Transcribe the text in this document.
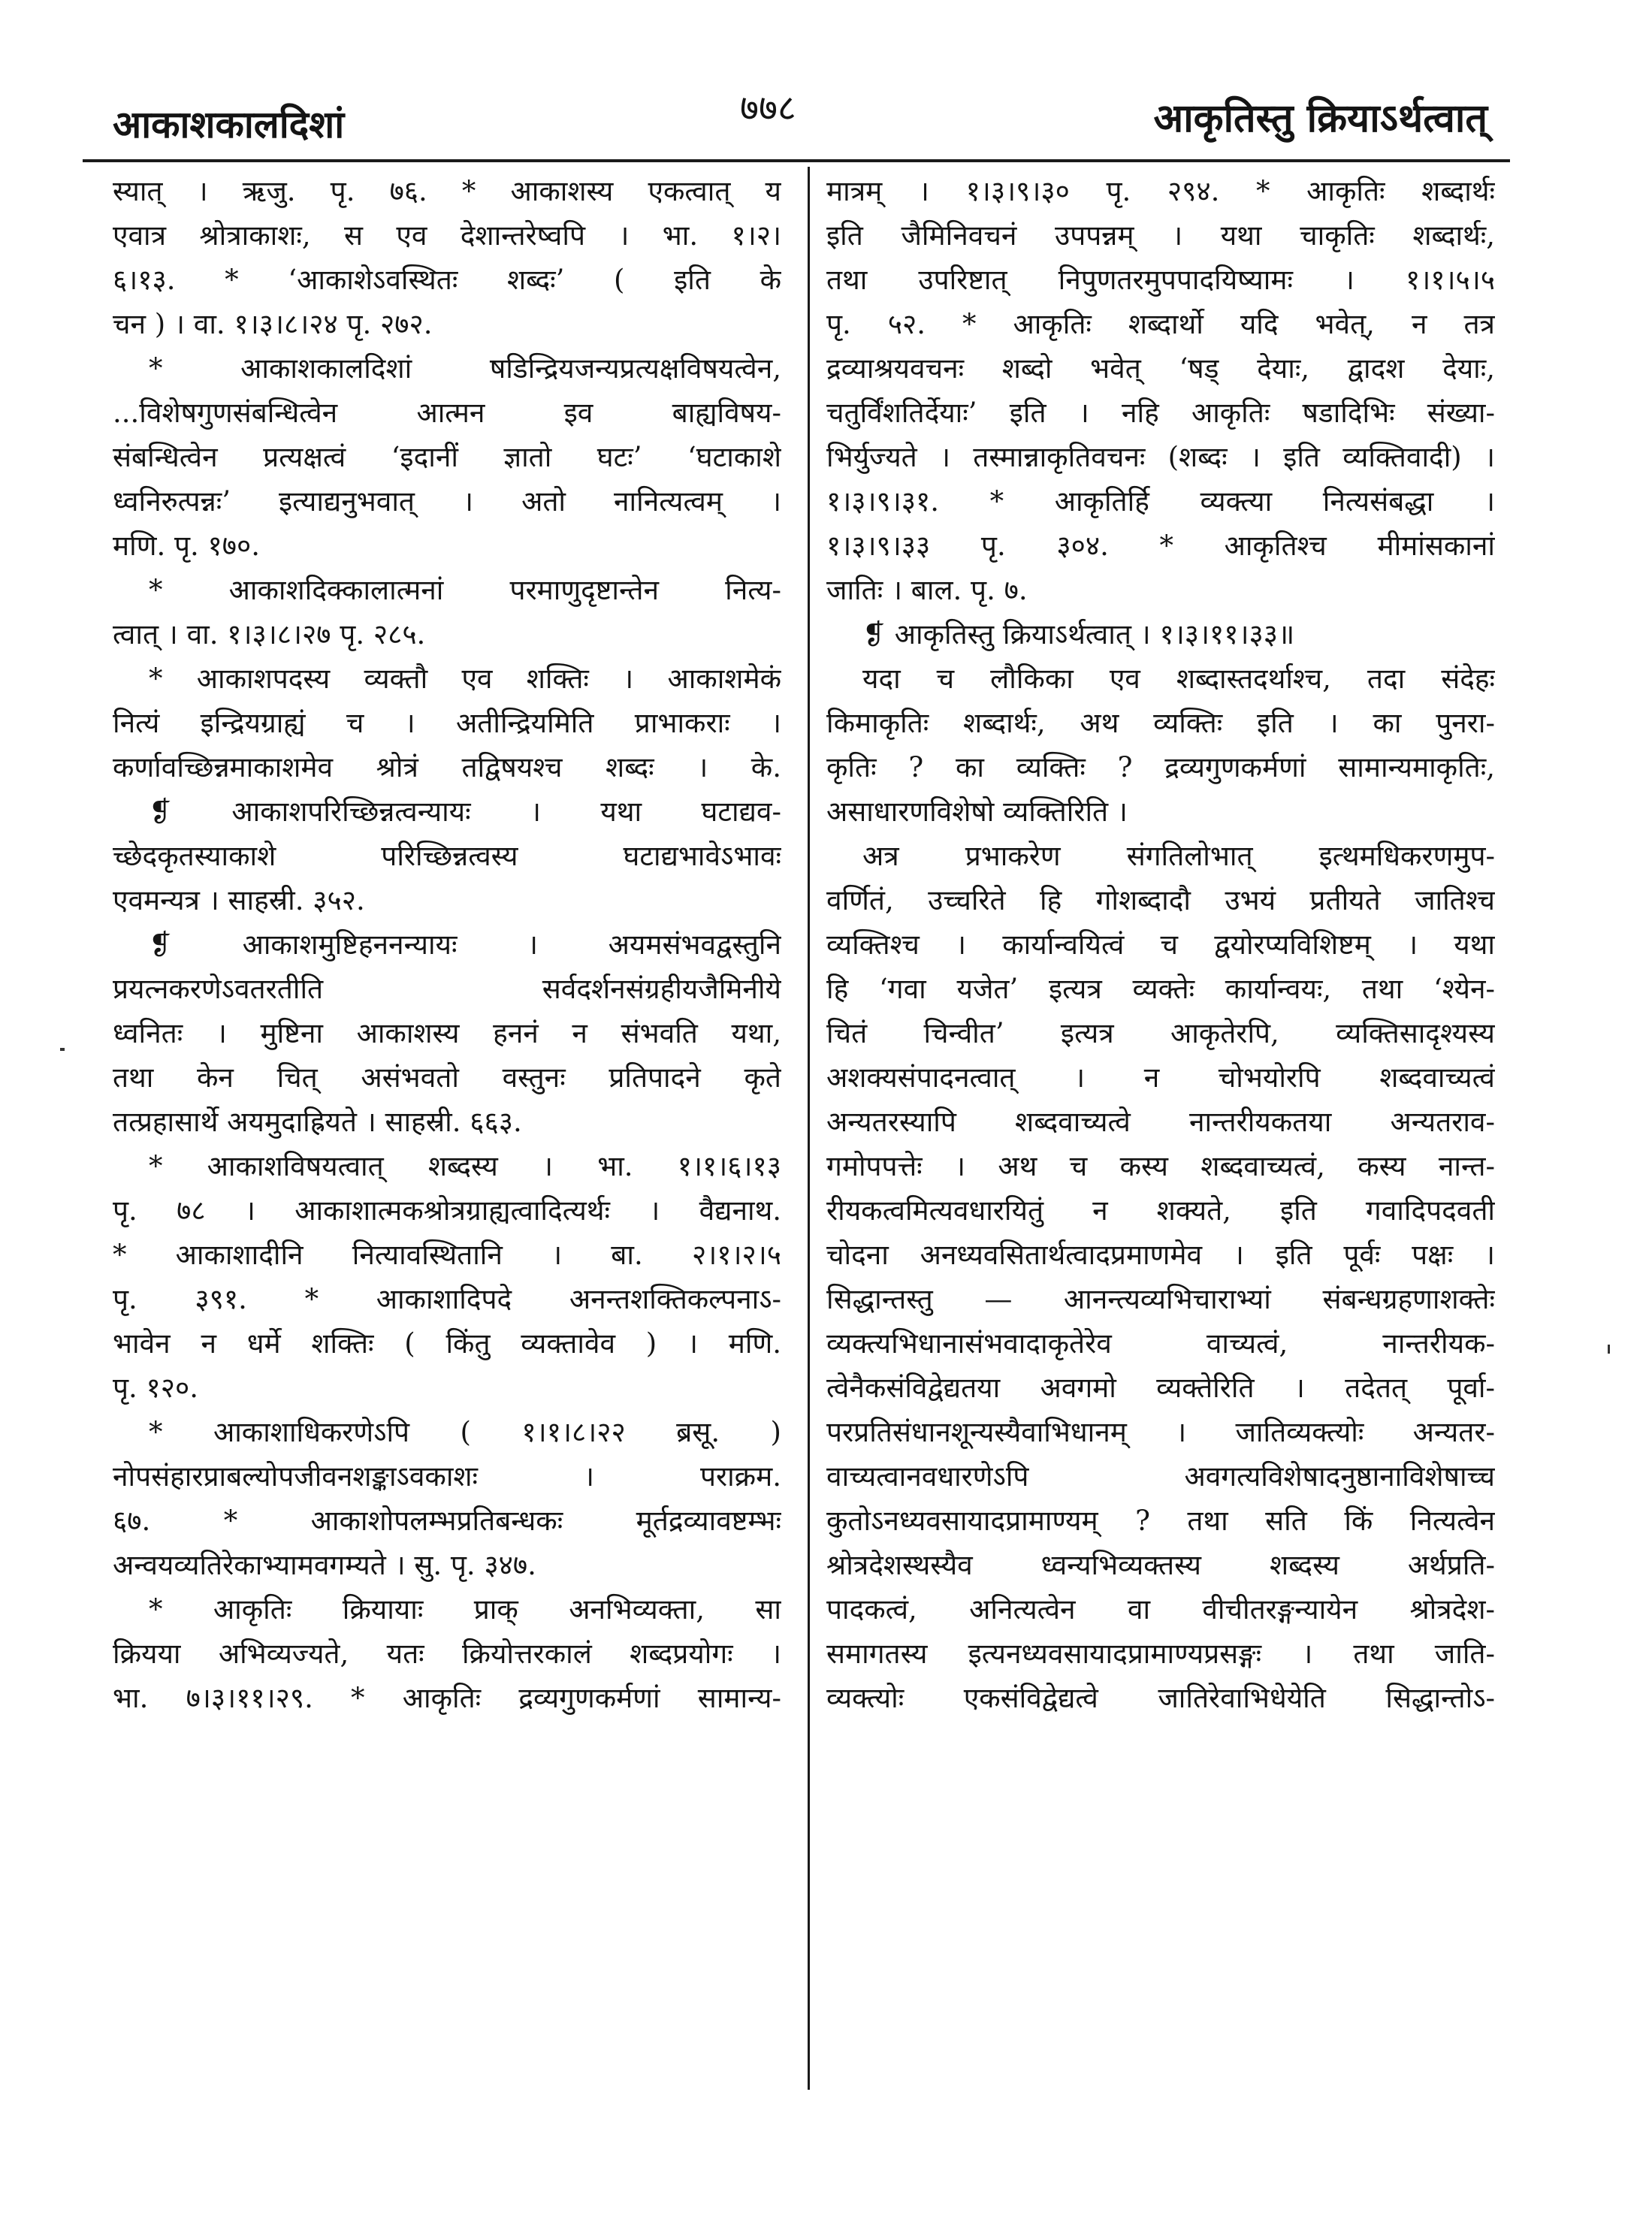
आकाशकालदिशां	७७८	आकृतिस्तु क्रियाऽर्थत्वात्
स्यात् । ऋजु. पृ. ७६. * आकाशस्य एकत्वात् य
एवात्र श्रोत्राकाशः, स एव देशान्तरेष्वपि । भा. १।२।
६।१३. * ‘आकाशेऽवस्थितः शब्दः’ ( इति के
चन ) । वा. १।३।८।२४ पृ. २७२.
* आकाशकालदिशां षडिन्द्रियजन्यप्रत्यक्षविषयत्वेन,
...विशेषगुणसंबन्धित्वेन आत्मन इव बाह्यविषय-
संबन्धित्वेन प्रत्यक्षत्वं ‘इदानीं ज्ञातो घटः’ ‘घटाकाशे
ध्वनिरुत्पन्नः’ इत्याद्यनुभवात् । अतो नानित्यत्वम् ।
मणि. पृ. १७०.
* आकाशदिक्कालात्मनां परमाणुदृष्टान्तेन नित्य-
त्वात् । वा. १।३।८।२७ पृ. २८५.
* आकाशपदस्य व्यक्तौ एव शक्तिः । आकाशमेकं
नित्यं इन्द्रियग्राह्यं च । अतीन्द्रियमिति प्राभाकराः ।
कर्णावच्छिन्नमाकाशमेव श्रोत्रं तद्विषयश्च शब्दः । के.
❡ आकाशपरिच्छिन्नत्वन्यायः । यथा घटाद्यव-
च्छेदकृतस्याकाशे परिच्छिन्नत्वस्य घटाद्यभावेऽभावः
एवमन्यत्र । साहस्री. ३५२.
❡ आकाशमुष्टिहननन्यायः । अयमसंभवद्वस्तुनि
प्रयत्नकरणेऽवतरतीति सर्वदर्शनसंग्रहीयजैमिनीये
ध्वनितः । मुष्टिना आकाशस्य हननं न संभवति यथा,
तथा केन चित् असंभवतो वस्तुनः प्रतिपादने कृते
तत्प्रहासार्थे अयमुदाह्रियते । साहस्री. ६६३.
* आकाशविषयत्वात् शब्दस्य । भा. १।१।६।१३
पृ. ७८ । आकाशात्मकश्रोत्रग्राह्यत्वादित्यर्थः । वैद्यनाथ.
* आकाशादीनि नित्यावस्थितानि । बा. २।१।२।५
पृ. ३९१. * आकाशादिपदे अनन्तशक्तिकल्पनाऽ-
भावेन न धर्मे शक्तिः ( किंतु व्यक्तावेव ) । मणि.
पृ. १२०.
* आकाशाधिकरणेऽपि ( १।१।८।२२ ब्रसू. )
नोपसंहारप्राबल्योपजीवनशङ्काऽवकाशः । पराक्रम.
६७. * आकाशोपलम्भप्रतिबन्धकः मूर्तद्रव्यावष्टम्भः
अन्वयव्यतिरेकाभ्यामवगम्यते । सु. पृ. ३४७.
* आकृतिः क्रियायाः प्राक् अनभिव्यक्ता, सा
क्रियया अभिव्यज्यते, यतः क्रियोत्तरकालं शब्दप्रयोगः ।
भा. ७।३।११।२९. * आकृतिः द्रव्यगुणकर्मणां सामान्य-
मात्रम् । १।३।९।३० पृ. २९४. * आकृतिः शब्दार्थः
इति जैमिनिवचनं उपपन्नम् । यथा चाकृतिः शब्दार्थः,
तथा उपरिष्टात् निपुणतरमुपपादयिष्यामः । १।१।५।५
पृ. ५२. * आकृतिः शब्दार्थो यदि भवेत्, न तत्र
द्रव्याश्रयवचनः शब्दो भवेत् ‘षड् देयाः, द्वादश देयाः,
चतुर्विंशतिर्देयाः’ इति । नहि आकृतिः षडादिभिः संख्या-
भिर्युज्यते । तस्मान्नाकृतिवचनः (शब्दः । इति व्यक्तिवादी) ।
१।३।९।३१. * आकृतिर्हि व्यक्त्या नित्यसंबद्धा ।
१।३।९।३३ पृ. ३०४. * आकृतिश्च मीमांसकानां
जातिः । बाल. पृ. ७.
❡ आकृतिस्तु क्रियाऽर्थत्वात् । १।३।११।३३॥
यदा च लौकिका एव शब्दास्तदर्थाश्च, तदा संदेहः
किमाकृतिः शब्दार्थः, अथ व्यक्तिः इति । का पुनरा-
कृतिः ? का व्यक्तिः ? द्रव्यगुणकर्मणां सामान्यमाकृतिः,
असाधारणविशेषो व्यक्तिरिति ।
अत्र प्रभाकरेण संगतिलोभात् इत्थमधिकरणमुप-
वर्णितं, उच्चरिते हि गोशब्दादौ उभयं प्रतीयते जातिश्च
व्यक्तिश्च । कार्यान्वयित्वं च द्वयोरप्यविशिष्टम् । यथा
हि ‘गवा यजेत’ इत्यत्र व्यक्तेः कार्यान्वयः, तथा ‘श्येन-
चितं चिन्वीत’ इत्यत्र आकृतेरपि, व्यक्तिसादृश्यस्य
अशक्यसंपादनत्वात् । न चोभयोरपि शब्दवाच्यत्वं
अन्यतरस्यापि शब्दवाच्यत्वे नान्तरीयकतया अन्यतराव-
गमोपपत्तेः । अथ च कस्य शब्दवाच्यत्वं, कस्य नान्त-
रीयकत्वमित्यवधारयितुं न शक्यते, इति गवादिपदवती
चोदना अनध्यवसितार्थत्वादप्रमाणमेव । इति पूर्वः पक्षः ।
सिद्धान्तस्तु — आनन्त्यव्यभिचाराभ्यां संबन्धग्रहणाशक्तेः
व्यक्त्यभिधानासंभवादाकृतेरेव वाच्यत्वं, नान्तरीयक-
त्वेनैकसंविद्वेद्यतया अवगमो व्यक्तेरिति । तदेतत् पूर्वा-
परप्रतिसंधानशून्यस्यैवाभिधानम् । जातिव्यक्त्योः अन्यतर-
वाच्यत्वानवधारणेऽपि अवगत्यविशेषादनुष्ठानाविशेषाच्च
कुतोऽनध्यवसायादप्रामाण्यम् ? तथा सति किं नित्यत्वेन
श्रोत्रदेशस्थस्यैव ध्वन्यभिव्यक्तस्य शब्दस्य अर्थप्रति-
पादकत्वं, अनित्यत्वेन वा वीचीतरङ्गन्यायेन श्रोत्रदेश-
समागतस्य इत्यनध्यवसायादप्रामाण्यप्रसङ्गः । तथा जाति-
व्यक्त्योः एकसंविद्वेद्यत्वे जातिरेवाभिधेयेति सिद्धान्तोऽ-
